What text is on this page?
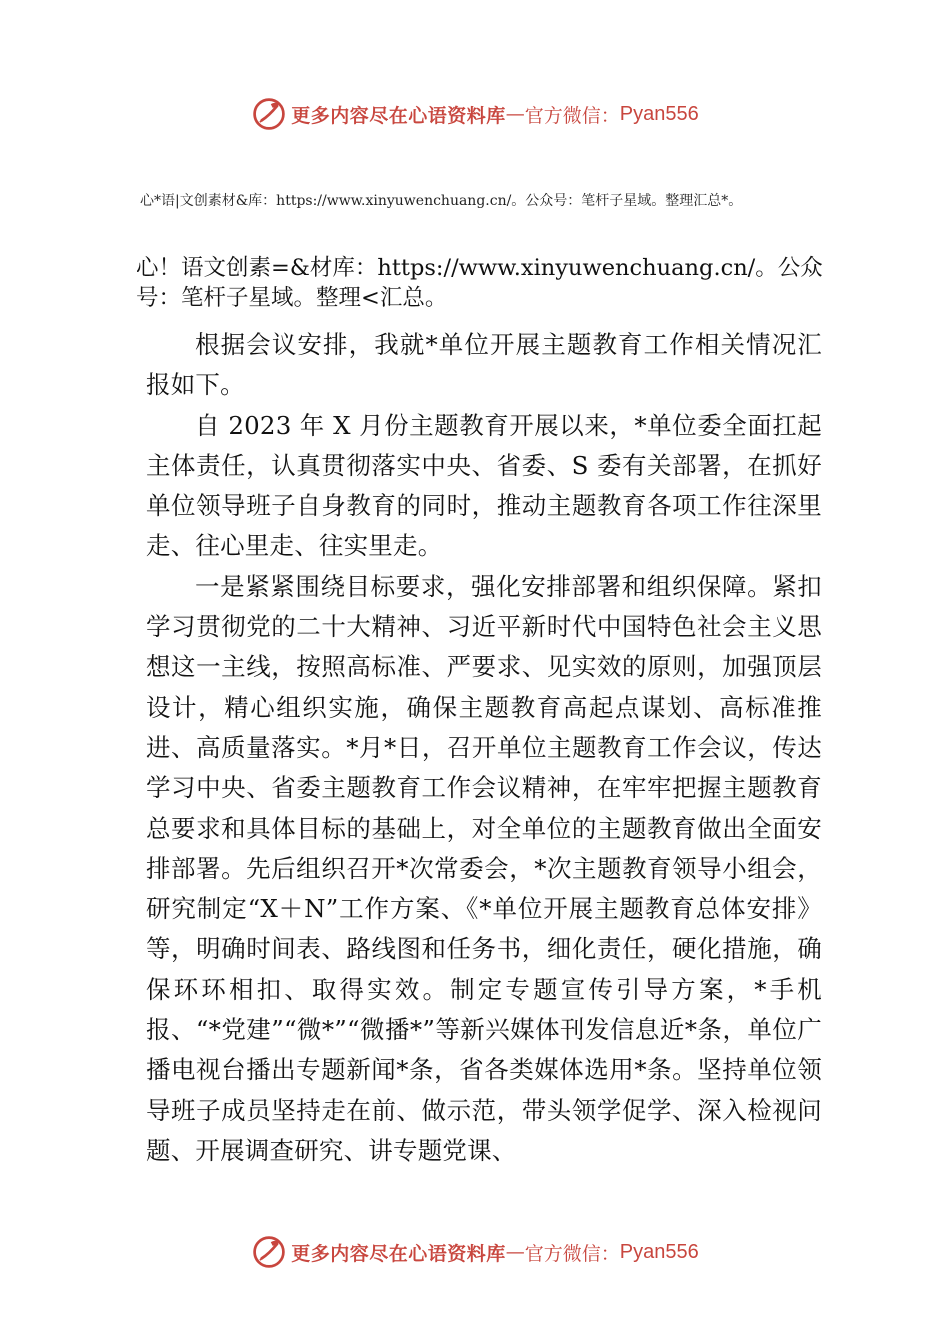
更多内容尽在心语资料库 — 官方微信： Pyan556
心*语|文创素材&库：https://www.xinyuwenchuang.cn/。公众号：笔杆子星域。整理汇总*。
心！语文创素=&材库：https://www.xinyuwenchuang.cn/。公众号：笔杆子星域。整理<汇总。

根据会议安排，我就*单位开展主题教育工作相关情况汇报如下。

自 2023 年 X 月份主题教育开展以来，*单位委全面扛起主体责任，认真贯彻落实中央、省委、S 委有关部署，在抓好单位领导班子自身教育的同时，推动主题教育各项工作往深里走、往心里走、往实里走。

一是紧紧围绕目标要求，强化安排部署和组织保障。紧扣学习贯彻党的二十大精神、习近平新时代中国特色社会主义思想这一主线，按照高标准、严要求、见实效的原则，加强顶层设计，精心组织实施，确保主题教育高起点谋划、高标准推进、高质量落实。*月*日，召开单位主题教育工作会议，传达学习中央、省委主题教育工作会议精神，在牢牢把握主题教育总要求和具体目标的基础上，对全单位的主题教育做出全面安排部署。先后组织召开*次常委会，*次主题教育领导小组会，研究制定“X＋N”工作方案、《*单位开展主题教育总体安排》等，明确时间表、路线图和任务书，细化责任，硬化措施，确保环环相扣、取得实效。制定专题宣传引导方案，*手机报、“*党建”“微*”“微播*”等新兴媒体刊发信息近*条，单位广播电视台播出专题新闻*条，省各类媒体选用*条。坚持单位领导班子成员坚持走在前、做示范，带头领学促学、深入检视问题、开展调查研究、讲专题党课、

更多内容尽在心语资料库 — 官方微信： Pyan556
